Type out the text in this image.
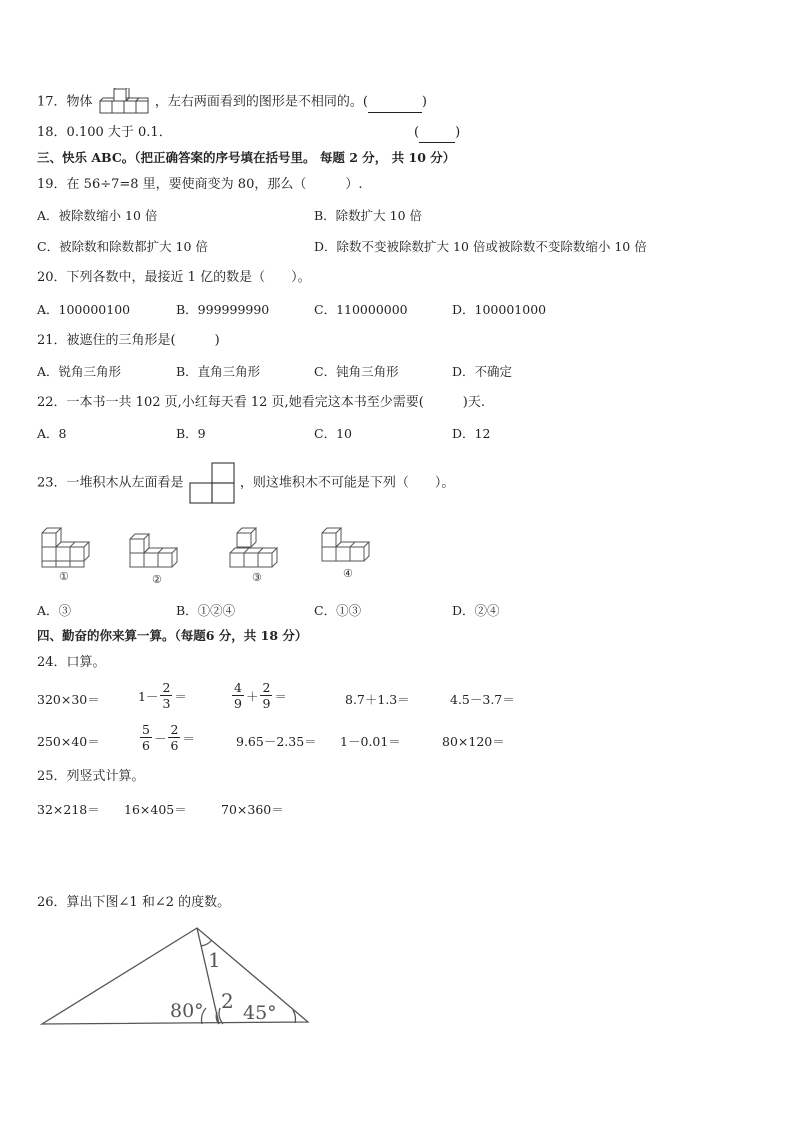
17．物体	，左右两面看到的图形是不相同的。(	)
18．0.100 大于 0.1．	(	)
三、快乐 ABC。（把正确答案的序号填在括号里。 每题 2 分， 共 10 分）
19．在 56÷7=8 里，要使商变为 80，那么（　　　）.
A．被除数缩小 10 倍	B．除数扩大 10 倍
C．被除数和除数都扩大 10 倍	D．除数不变被除数扩大 10 倍或被除数不变除数缩小 10 倍
20．下列各数中，最接近 1 亿的数是（　　）。
A．100000100	B．999999990	C．110000000	D．100001000
21．被遮住的三角形是(　　　)
A．锐角三角形	B．直角三角形	C．钝角三角形	D．不确定
22．一本书一共 102 页,小红每天看 12 页,她看完这本书至少需要(　　　)天.
A．8	B．9	C．10	D．12
23．一堆积木从左面看是	，则这堆积木不可能是下列（　　）。
①	②	③	④
A．③	B．①②④	C．①③	D．②④
四、勤奋的你来算一算。（每题6 分，共 18 分）
24．口算。
320×30＝	$1- \frac{2}{3}$ ＝	$\frac{4}{9} + \frac{2}{9}$ ＝	8.7＋1.3＝	4.5－3.7＝
250×40＝	$\frac{5}{6} - \frac{2}{6}$ ＝	9.65－2.35＝ 1－0.01＝	80×120＝
25．列竖式计算。
32×218＝ 16×405＝	70×360＝
26．算出下图∠1 和∠2 的度数。
1
2
80° 45°
